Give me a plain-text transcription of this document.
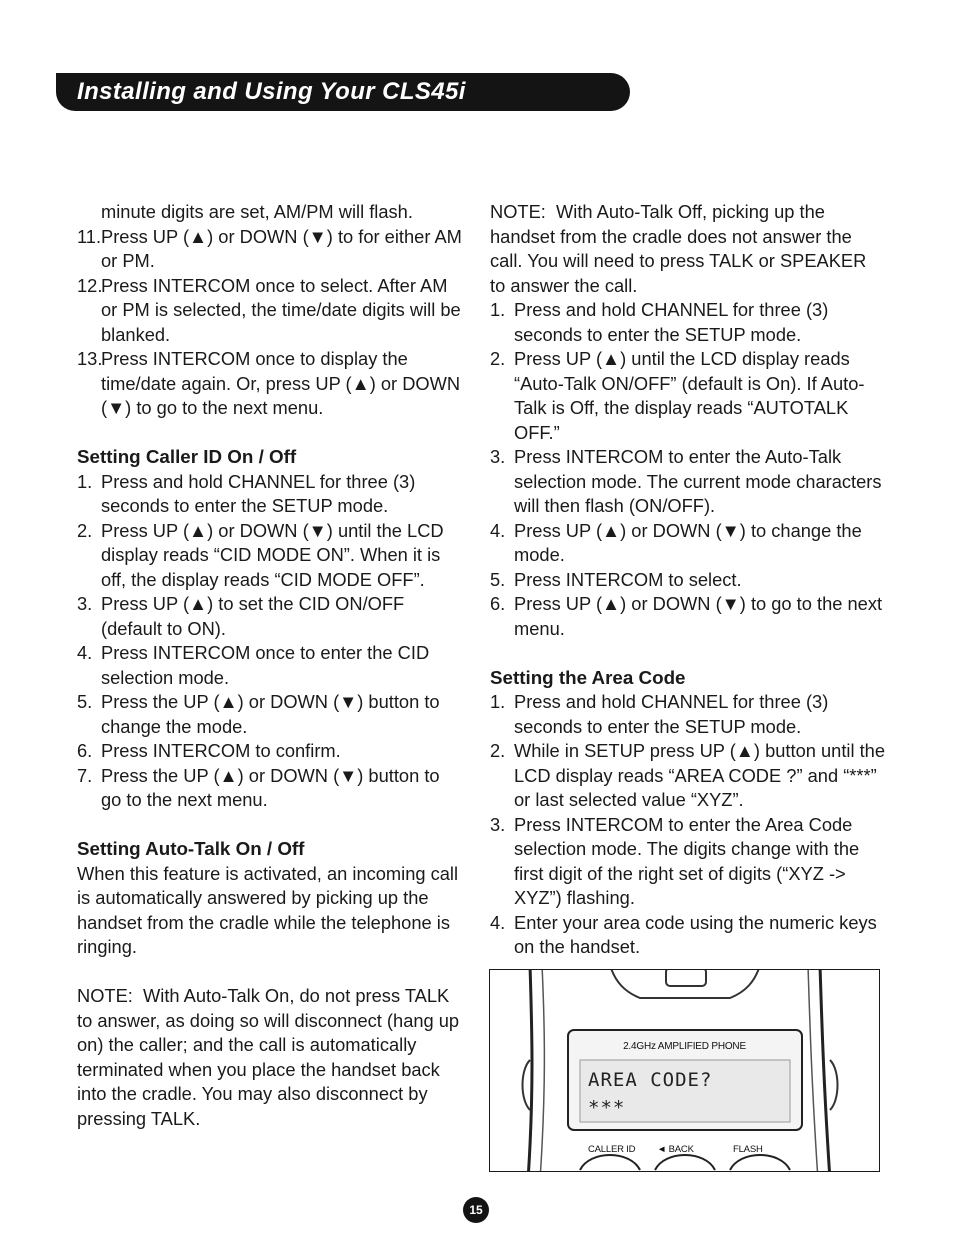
Installing and Using Your CLS45i

minute digits are set, AM/PM will flash.

11. Press UP (▲) or DOWN (▼) to for either AM or PM.
12.
Press INTERCOM once to select. After AM or PM is selected, the time/date digits will be blanked.
13.
Press INTERCOM once to display the time/date again. Or, press UP (▲) or DOWN (▼) to go to the next menu.

Setting Caller ID On / Off

1. Press and hold CHANNEL for three (3) seconds to enter the SETUP mode.
2. Press UP (▲) or DOWN (▼) until the LCD display reads “CID MODE ON”. When it is off, the display reads “CID MODE OFF”.
3. Press UP (▲) to set the CID ON/OFF (default to ON).
4. Press INTERCOM once to enter the CID selection mode.
5. Press the UP (▲) or DOWN (▼) button to change the mode.
6. Press INTERCOM to confirm.
7. Press the UP (▲) or DOWN (▼) button to go to the next menu.

Setting Auto-Talk On / Off

When this feature is activated, an incoming call is automatically answered by picking up the handset from the cradle while the telephone is ringing.

NOTE:  With Auto-Talk On, do not press TALK to answer, as doing so will disconnect (hang up on) the caller; and the call is automatically terminated when you place the handset back into the cradle. You may also disconnect by pressing TALK.

NOTE:  With Auto-Talk Off, picking up the handset from the cradle does not answer the call. You will need to press TALK or SPEAKER to answer the call.

1. Press and hold CHANNEL for three (3) seconds to enter the SETUP mode.
2. Press UP (▲) until the LCD display reads “Auto-Talk ON/OFF” (default is On). If Auto-Talk is Off, the display reads “AUTOTALK OFF.”
3. Press INTERCOM to enter the Auto-Talk selection mode. The current mode characters will then flash (ON/OFF).
4. Press UP (▲) or DOWN (▼) to change the mode.
5. Press INTERCOM to select.
6. Press UP (▲) or DOWN (▼) to go to the next menu.

Setting the Area Code

1. Press and hold CHANNEL for three (3) seconds to enter the SETUP mode.
2. While in SETUP press UP (▲) button until the LCD display reads “AREA CODE ?” and “***” or last selected value “XYZ”.
3. Press INTERCOM to enter the Area Code selection mode. The digits change with the first digit of the right set of digits (“XYZ -> XYZ”) flashing.
4. Enter your area code using the numeric keys on the handset.
2.4GHz AMPLIFIED PHONE
AREA CODE?
***
CALLER ID ◄ BACK	FLASH
15
